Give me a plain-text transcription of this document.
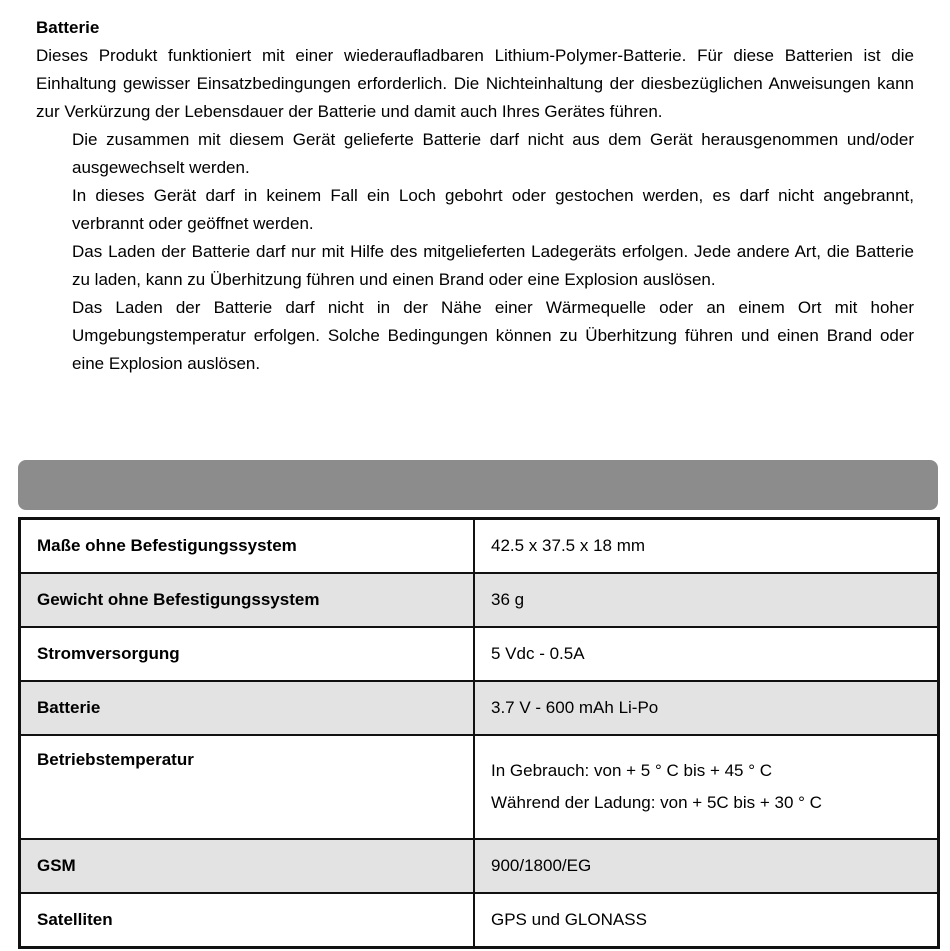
Batterie

Dieses Produkt funktioniert mit einer wiederaufladbaren Lithium-Polymer-Batterie. Für diese Batterien ist die Einhaltung gewisser Einsatzbedingungen erforderlich. Die Nichteinhaltung der diesbezüglichen Anweisungen kann zur Verkürzung der Lebensdauer der Batterie und damit auch Ihres Gerätes führen.

Die zusammen mit diesem Gerät gelieferte Batterie darf nicht aus dem Gerät herausgenommen und/oder ausgewechselt werden.
In dieses Gerät darf in keinem Fall ein Loch gebohrt oder gestochen werden, es darf nicht angebrannt, verbrannt oder geöffnet werden.
Das Laden der Batterie darf nur mit Hilfe des mitgelieferten Ladegeräts erfolgen. Jede andere Art, die Batterie zu laden, kann zu Überhitzung führen und einen Brand oder eine Explosion auslösen.
Das Laden der Batterie darf nicht in der Nähe einer Wärmequelle oder an einem Ort mit hoher Umgebungstemperatur erfolgen. Solche Bedingungen können zu Überhitzung führen und einen Brand oder eine Explosion auslösen.
Maße ohne Befestigungssystem	42.5 x 37.5 x 18 mm
Gewicht ohne Befestigungssystem	36 g
Stromversorgung	5 Vdc - 0.5A
Batterie	3.7 V - 600 mAh Li-Po
Betriebstemperatur	In Gebrauch: von + 5 ° C bis + 45 ° C
Während der Ladung: von + 5C bis + 30 ° C

GSM	900/1800/EG
Satelliten	GPS und GLONASS
